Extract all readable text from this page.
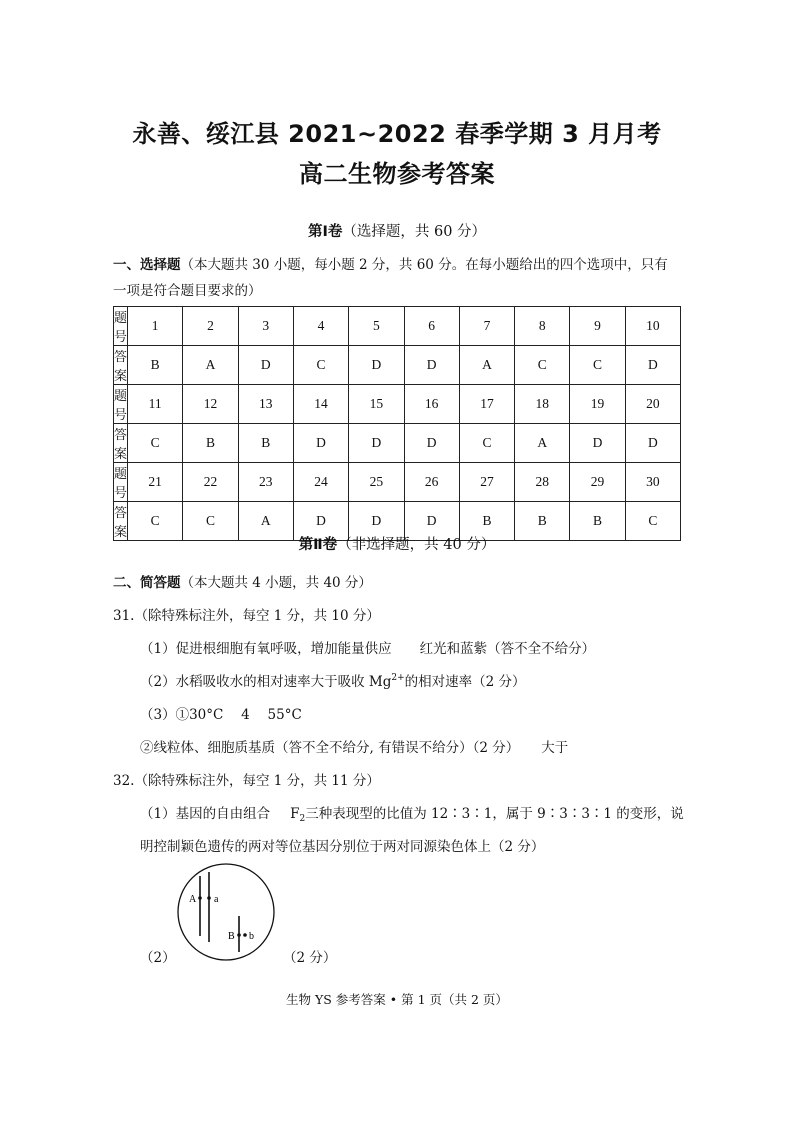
永善、绥江县 2021~2022 春季学期 3 月月考
高二生物参考答案
第Ⅰ卷（选择题，共 60 分）
一、选择题（本大题共 30 小题，每小题 2 分，共 60 分。在每小题给出的四个选项中，只有
一项是符合题目要求的）
题号	1	2	3	4	5	6	7	8	9	10
答案	B	A	D	C	D	D	A	C	C	D
题号	11	12	13	14	15	16	17	18	19	20
答案	C	B	B	D	D	D	C	A	D	D
题号	21	22	23	24	25	26	27	28	29	30
答案	C	C	A	D	D	D	B	B	B	C
第Ⅱ卷（非选择题，共 40 分）
二、简答题（本大题共 4 小题，共 40 分）
31.（除特殊标注外，每空 1 分，共 10 分）
（1）促进根细胞有氧呼吸，增加能量供应 红光和蓝紫（答不全不给分）
（2）水稻吸收水的相对速率大于吸收 $Mg^{2+}$的相对速率（2 分）
（3）①30°C　 4　 55°C
②线粒体、细胞质基质（答不全不给分, 有错误不给分）（2 分） 大于
32.（除特殊标注外，每空 1 分，共 11 分）
（1）基因的自由组合 $F_2$三种表现型的比值为 12∶3∶1，属于 9∶3∶3∶1 的变形，说
明控制颖色遗传的两对等位基因分别位于两对同源染色体上（2 分）
A a
B b
（2）	（2 分）
生物 YS 参考答案 • 第 1 页（共 2 页）
